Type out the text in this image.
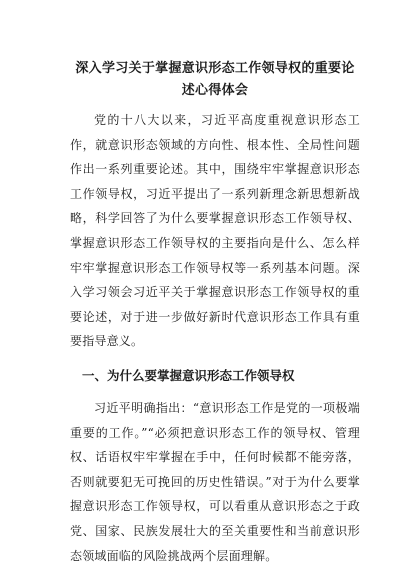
深入学习关于掌握意识形态工作领导权的重要论述心得体会

党的十八大以来，习近平高度重视意识形态工作，就意识形态领域的方向性、根本性、全局性问题作出一系列重要论述。其中，围绕牢牢掌握意识形态工作领导权，习近平提出了一系列新理念新思想新战略，科学回答了为什么要掌握意识形态工作领导权、掌握意识形态工作领导权的主要指向是什么、怎么样牢牢掌握意识形态工作领导权等一系列基本问题。深入学习领会习近平关于掌握意识形态工作领导权的重要论述，对于进一步做好新时代意识形态工作具有重要指导意义。

一、为什么要掌握意识形态工作领导权

习近平明确指出：“意识形态工作是党的一项极端重要的工作。”“必须把意识形态工作的领导权、管理权、话语权牢牢掌握在手中，任何时候都不能旁落，否则就要犯无可挽回的历史性错误。”对于为什么要掌握意识形态工作领导权，可以看重从意识形态之于政党、国家、民族发展壮大的至关重要性和当前意识形态领域面临的风险挑战两个层面理解。
